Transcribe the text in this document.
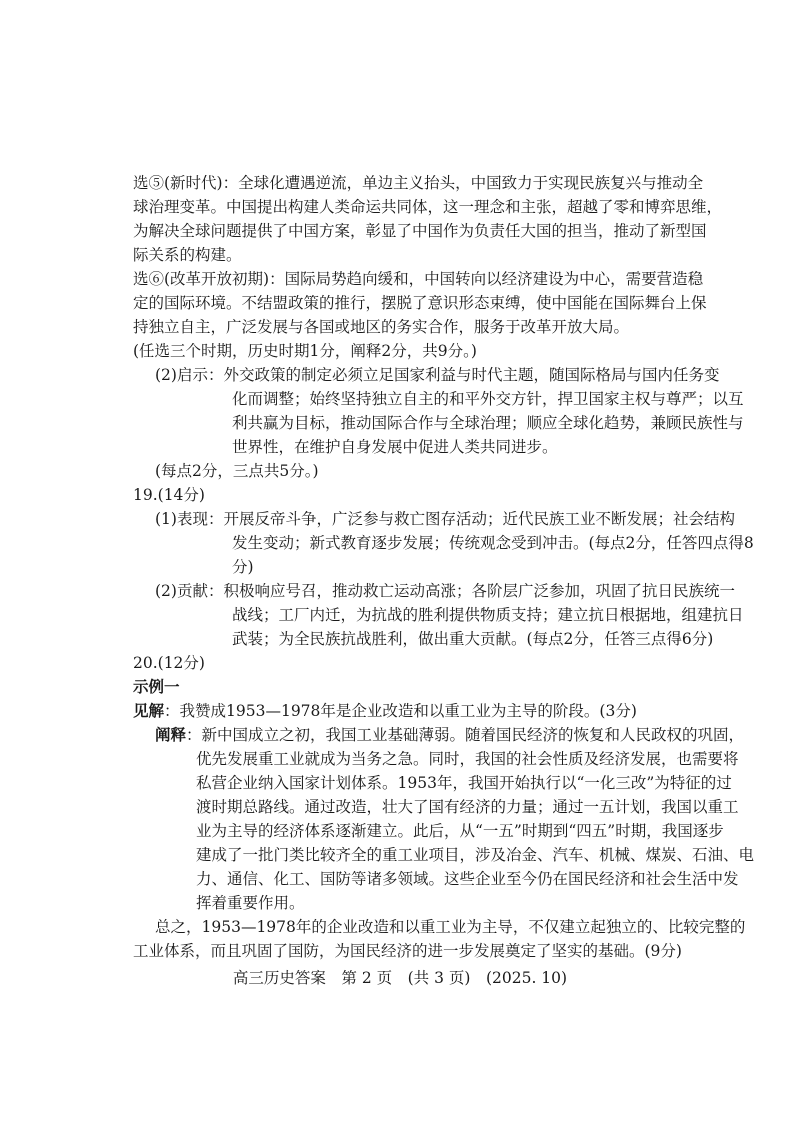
选⑤(新时代)：全球化遭遇逆流，单边主义抬头，中国致力于实现民族复兴与推动全
球治理变革。中国提出构建人类命运共同体，这一理念和主张，超越了零和博弈思维，
为解决全球问题提供了中国方案，彰显了中国作为负责任大国的担当，推动了新型国
际关系的构建。
选⑥(改革开放初期)：国际局势趋向缓和，中国转向以经济建设为中心，需要营造稳
定的国际环境。不结盟政策的推行，摆脱了意识形态束缚，使中国能在国际舞台上保
持独立自主，广泛发展与各国或地区的务实合作，服务于改革开放大局。
(任选三个时期，历史时期1分，阐释2分，共9分。)
(2)启示：外交政策的制定必须立足国家利益与时代主题，随国际格局与国内任务变
化而调整；始终坚持独立自主的和平外交方针，捍卫国家主权与尊严；以互
利共赢为目标，推动国际合作与全球治理；顺应全球化趋势，兼顾民族性与
世界性，在维护自身发展中促进人类共同进步。
(每点2分，三点共5分。)
19.(14分)
(1)表现：开展反帝斗争，广泛参与救亡图存活动；近代民族工业不断发展；社会结构
发生变动；新式教育逐步发展；传统观念受到冲击。(每点2分，任答四点得8
分)
(2)贡献：积极响应号召，推动救亡运动高涨；各阶层广泛参加，巩固了抗日民族统一
战线；工厂内迁，为抗战的胜利提供物质支持；建立抗日根据地，组建抗日
武装；为全民族抗战胜利，做出重大贡献。(每点2分，任答三点得6分)
20.(12分)
示例一
见解：我赞成1953—1978年是企业改造和以重工业为主导的阶段。(3分)
阐释：新中国成立之初，我国工业基础薄弱。随着国民经济的恢复和人民政权的巩固，
优先发展重工业就成为当务之急。同时，我国的社会性质及经济发展，也需要将
私营企业纳入国家计划体系。1953年，我国开始执行以“一化三改”为特征的过
渡时期总路线。通过改造，壮大了国有经济的力量；通过一五计划，我国以重工
业为主导的经济体系逐渐建立。此后，从“一五”时期到“四五”时期，我国逐步
建成了一批门类比较齐全的重工业项目，涉及冶金、汽车、机械、煤炭、石油、电
力、通信、化工、国防等诸多领域。这些企业至今仍在国民经济和社会生活中发
挥着重要作用。
总之，1953—1978年的企业改造和以重工业为主导，不仅建立起独立的、比较完整的
工业体系，而且巩固了国防，为国民经济的进一步发展奠定了坚实的基础。(9分)
高三历史答案　第 2 页　(共 3 页)　(2025. 10)
